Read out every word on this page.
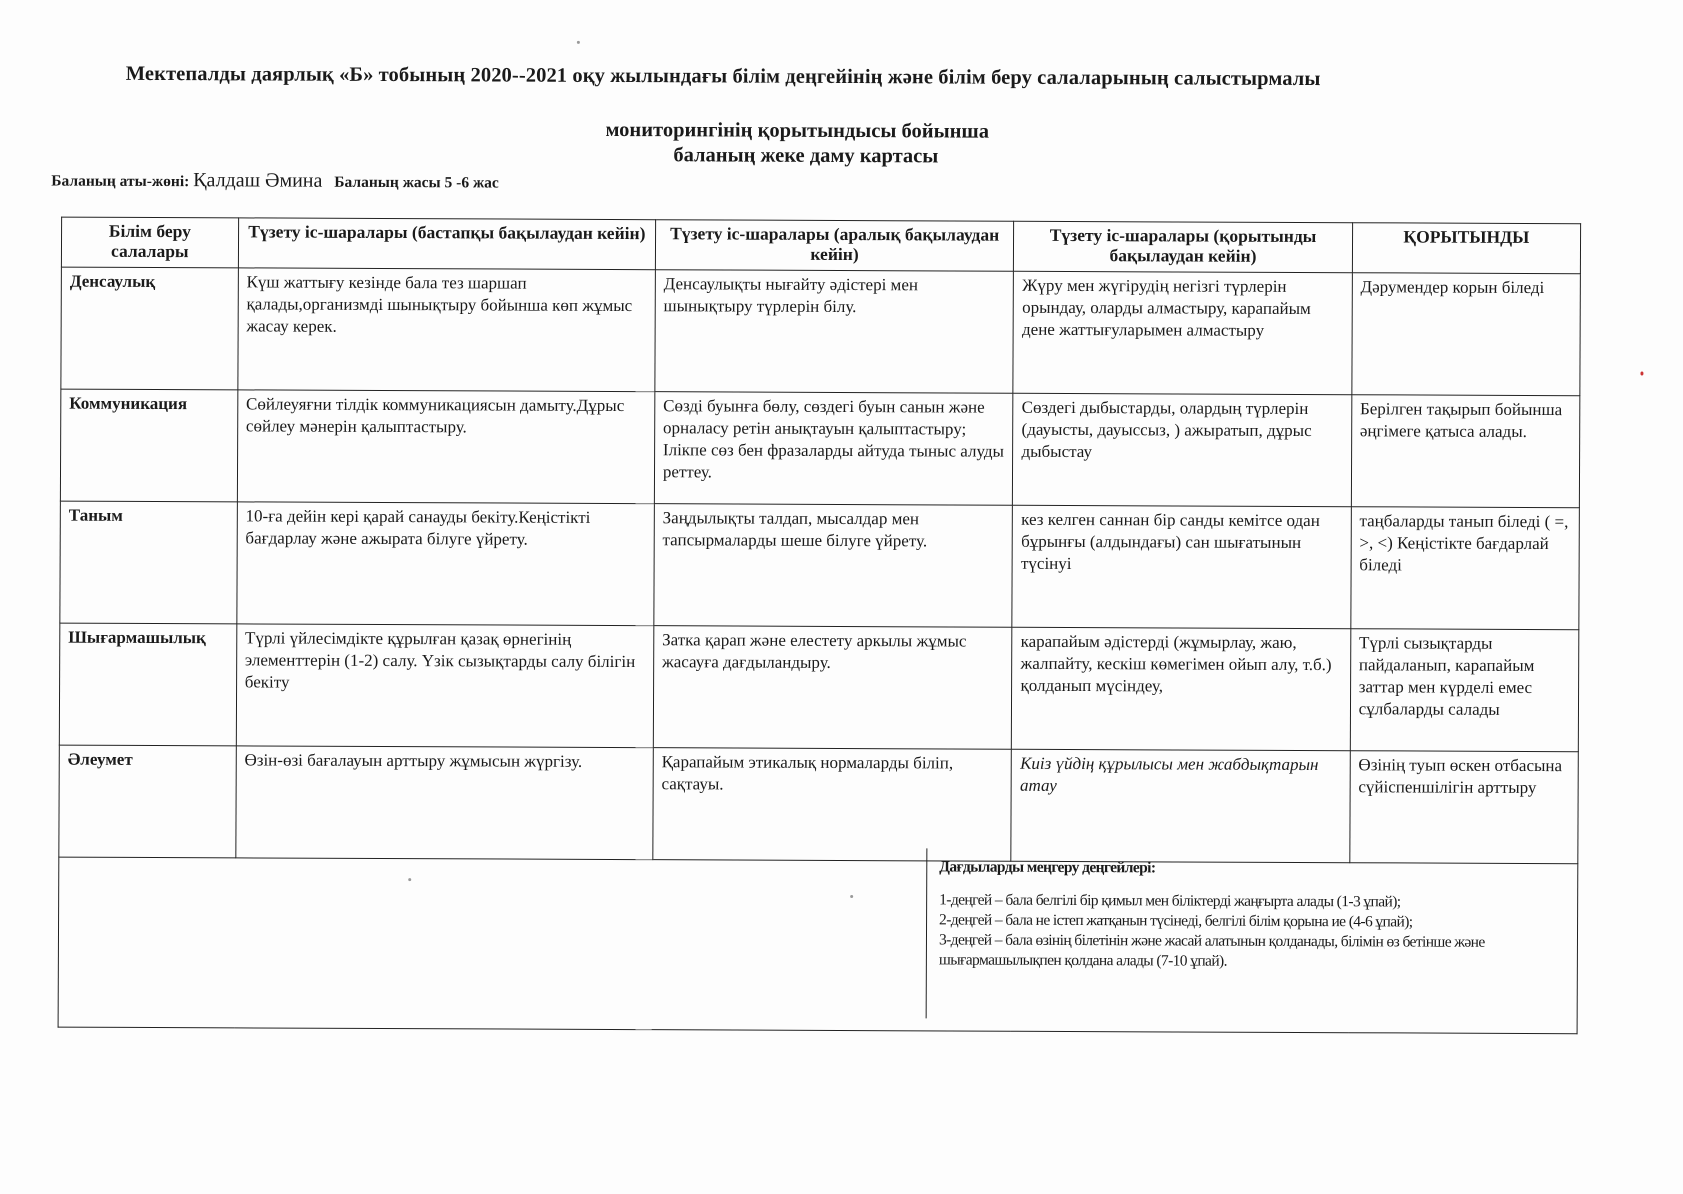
Мектепалды даярлық «Б» тобының 2020--2021 оқу жылындағы білім деңгейінің және білім беру салаларының салыстырмалы
мониторингінің қорытындысы бойынша
баланың жеке даму картасы
Баланың аты-жөні: Қалдаш Әмина Баланың жасы 5 -6 жас
Білім беру салалары	Түзету іс-шаралары (бастапқы бақылаудан кейін)	Түзету іс-шаралары (аралық бақылаудан кейін)	Түзету іс-шаралары (қорытынды бақылаудан кейін)	ҚОРЫТЫНДЫ
Денсаулық	Күш жаттығу кезінде бала тез шаршап қалады,организмді шынықтыру бойынша көп жұмыс жасау керек.	Денсаулықты нығайту әдістері мен шынықтыру түрлерін білу.	Жүру мен жүгірудің негізгі түрлерін орындау, оларды алмастыру, карапайым дене жаттығуларымен алмастыру	Дәрумендер корын біледі
Коммуникация	Сөйлеуяғни тілдік коммуникациясын дамыту.Дұрыс сөйлеу мәнерін қалыптастыру.	Сөзді буынға бөлу, сөздегі буын санын және орналасу ретін анықтауын қалыптастыру; Ілікпе сөз бен фразаларды айтуда тыныс алуды реттеу.	Сөздегі дыбыстарды, олардың түрлерін (дауысты, дауыссыз, ) ажыратып, дұрыс дыбыстау	Берілген тақырып бойынша әңгімеге қатыса алады.
Таным	10-ға дейін кері қарай санауды бекіту.Кеңістікті бағдарлау және ажырата білуге үйрету.	Заңдылықты талдап, мысалдар мен тапсырмаларды шеше білуге үйрету.	кез келген саннан бір санды кемітсе одан бұрынғы (алдындағы) сан шығатынын түсінуі	таңбаларды танып біледі ( =, >, <) Кеңістікте бағдарлай біледі
Шығармашылық	Түрлі үйлесімдікте құрылған қазақ өрнегінің элементтерін (1-2) салу. Үзік сызықтарды салу білігін бекіту	Затка қарап және елестету аркылы жұмыс жасауға дағдыландыру.	карапайым әдістерді (жұмырлау, жаю, жалпайту, кескіш көмегімен ойып алу, т.б.) қолданып мүсіндеу,	Түрлі сызықтарды пайдаланып, карапайым заттар мен күрделі емес сұлбаларды салады
Әлеумет	Өзін-өзі бағалауын арттыру жұмысын жүргізу.	Қарапайым этикалық нормаларды біліп, сақтауы.	Киіз үйдің құрылысы мен жабдықтарын атау	Өзінің туып өскен отбасына сүйіспеншілігін арттыру

Дағдыларды меңгеру деңгейлері:
1-деңгей – бала белгілі бір қимыл мен біліктерді жаңғырта алады (1-3 ұпай);
2-деңгей – бала не істеп жатқанын түсінеді, белгілі білім қорына ие (4-6 ұпай);
3-деңгей – бала өзінің білетінін және жасай алатынын қолданады, білімін өз бетінше және шығармашылықпен қолдана алады (7-10 ұпай).
